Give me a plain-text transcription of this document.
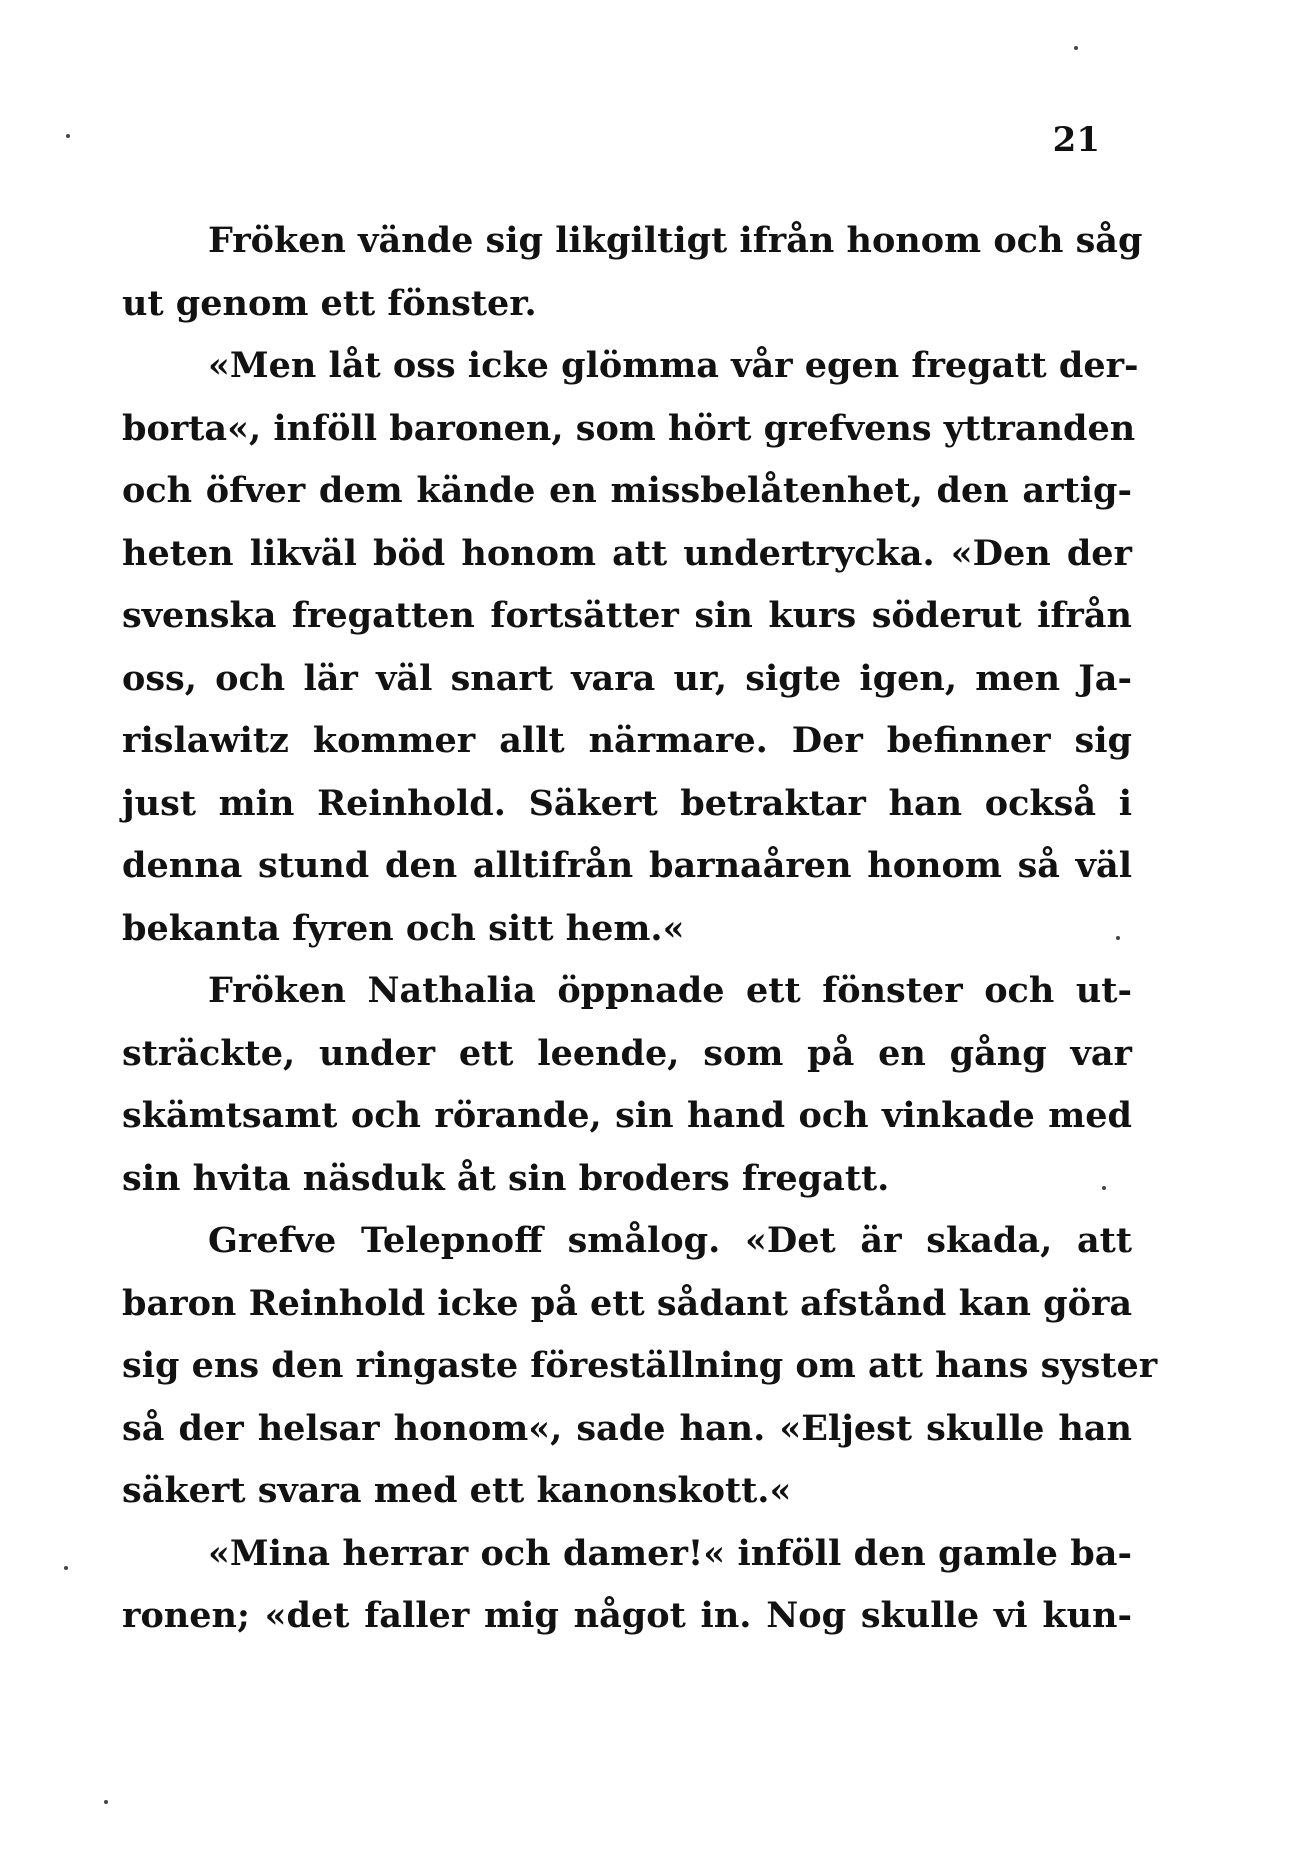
21
Fröken vände sig likgiltigt ifrån honom och såg
ut genom ett fönster.
«Men låt oss icke glömma vår egen fregatt der-
borta«, inföll baronen, som hört grefvens yttranden
och öfver dem kände en missbelåtenhet, den artig-
heten likväl böd honom att undertrycka. «Den der
svenska fregatten fortsätter sin kurs söderut ifrån
oss, och lär väl snart vara ur, sigte igen, men Ja-
rislawitz kommer allt närmare. Der befinner sig
just min Reinhold. Säkert betraktar han också i
denna stund den alltifrån barnaåren honom så väl
bekanta fyren och sitt hem.«
Fröken Nathalia öppnade ett fönster och ut-
sträckte, under ett leende, som på en gång var
skämtsamt och rörande, sin hand och vinkade med
sin hvita näsduk åt sin broders fregatt.
Grefve Telepnoff smålog. «Det är skada, att
baron Reinhold icke på ett sådant afstånd kan göra
sig ens den ringaste föreställning om att hans syster
så der helsar honom«, sade han. «Eljest skulle han
säkert svara med ett kanonskott.«
«Mina herrar och damer!« inföll den gamle ba-
ronen; «det faller mig något in. Nog skulle vi kun-
